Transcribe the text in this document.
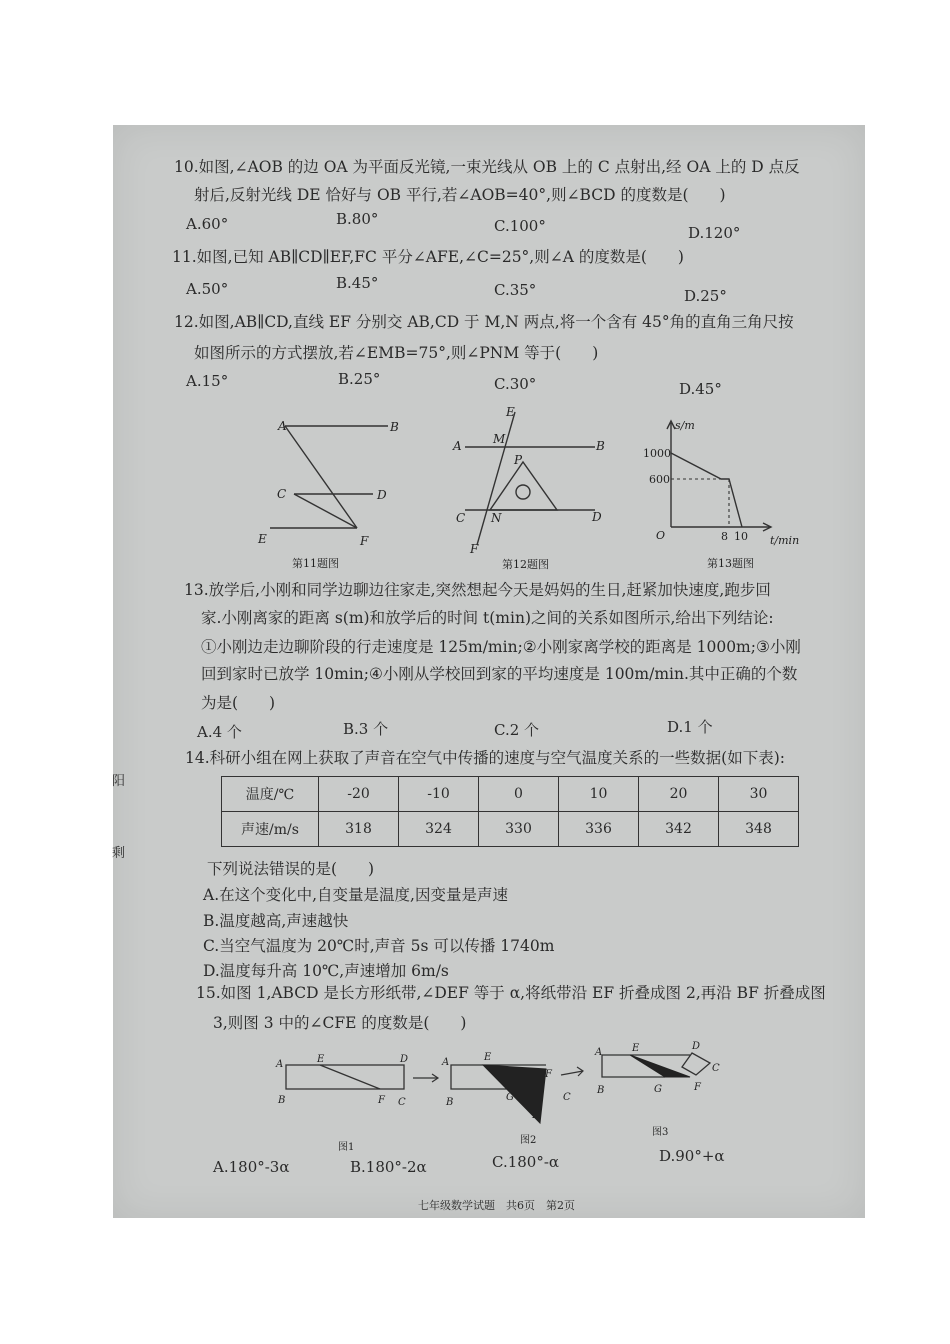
阳
剩
10.如图,∠AOB 的边 OA 为平面反光镜,一束光线从 OB 上的 C 点射出,经 OA 上的 D 点反
射后,反射光线 DE 恰好与 OB 平行,若∠AOB=40°,则∠BCD 的度数是(　　)
A.60°	B.80°	C.100°	D.120°
11.如图,已知 AB∥CD∥EF,FC 平分∠AFE,∠C=25°,则∠A 的度数是(　　)
A.50°	B.45°	C.35°	D.25°
12.如图,AB∥CD,直线 EF 分别交 AB,CD 于 M,N 两点,将一个含有 45°角的直角三角尺按
如图所示的方式摆放,若∠EMB=75°,则∠PNM 等于(　　)
A.15°	B.25°	C.30°	D.45°
A	B
C	D
E	F
第11题图
A	B
C	D
E
F
M
N
P
第12题图
s/m
t/min
O
1000
600
8 10
第13题图
13.放学后,小刚和同学边聊边往家走,突然想起今天是妈妈的生日,赶紧加快速度,跑步回
家.小刚离家的距离 s(m)和放学后的时间 t(min)之间的关系如图所示,给出下列结论:
①小刚边走边聊阶段的行走速度是 125m/min;②小刚家离学校的距离是 1000m;③小刚
回到家时已放学 10min;④小刚从学校回到家的平均速度是 100m/min.其中正确的个数
为是(　　)
A.4 个	B.3 个	C.2 个	D.1 个
14.科研小组在网上获取了声音在空气中传播的速度与空气温度关系的一些数据(如下表):
温度/℃	-20	-10	0	10	20	30
声速/m/s	318	324	330	336	342	348
下列说法错误的是(　　)
A.在这个变化中,自变量是温度,因变量是声速
B.温度越高,声速越快
C.当空气温度为 20℃时,声音 5s 可以传播 1740m
D.温度每升高 10℃,声速增加 6m/s
15.如图 1,ABCD 是长方形纸带,∠DEF 等于 α,将纸带沿 EF 折叠成图 2,再沿 BF 折叠成图
3,则图 3 中的∠CFE 的度数是(　　)
A	E	D
B	F C
图1
A	E
F
B	G	C
D
图2
A	E	D
C
B	G	F
图3
A.180°-3α	B.180°-2α	C.180°-α	D.90°+α
七年级数学试题　共6页　第2页
